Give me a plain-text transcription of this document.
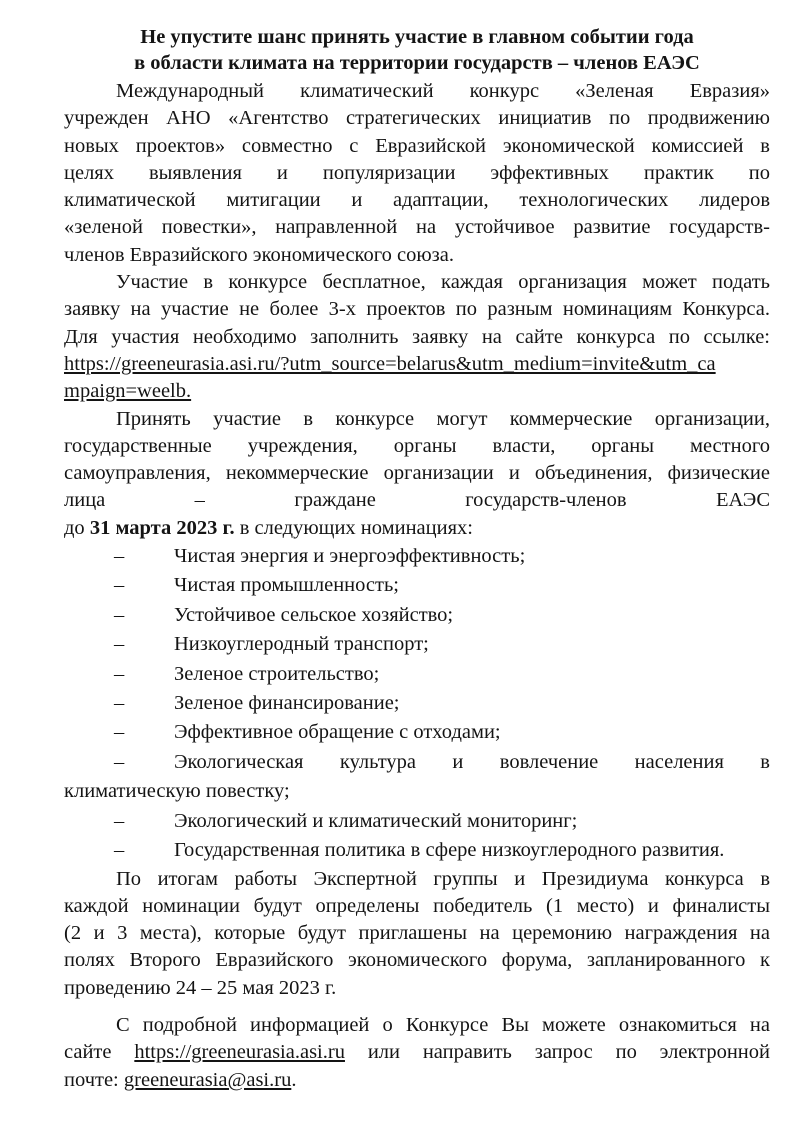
Не упустите шанс принять участие в главном событии года
в области климата на территории государств – членов ЕАЭС
Международный климатический конкурс «Зеленая Евразия»
учрежден АНО «Агентство стратегических инициатив по продвижению
новых проектов» совместно с Евразийской экономической комиссией в
целях выявления и популяризации эффективных практик по
климатической митигации и адаптации, технологических лидеров
«зеленой повестки», направленной на устойчивое развитие государств-
членов Евразийского экономического союза.
Участие в конкурсе бесплатное, каждая организация может подать
заявку на участие не более 3-х проектов по разным номинациям Конкурса.
Для участия необходимо заполнить заявку на сайте конкурса по ссылке:
https://greeneurasia.asi.ru/?utm_source=belarus&utm_medium=invite&utm_ca
mpaign=weelb.
Принять участие в конкурсе могут коммерческие организации,
государственные учреждения, органы власти, органы местного
самоуправления, некоммерческие организации и объединения, физические
лица – граждане государств-членов ЕАЭС
до 31 марта 2023 г. в следующих номинациях:
– Чистая энергия и энергоэффективность;
– Чистая промышленность;
– Устойчивое сельское хозяйство;
– Низкоуглеродный транспорт;
– Зеленое строительство;
– Зеленое финансирование;
– Эффективное обращение с отходами;
– Экологическая культура и вовлечение населения в
климатическую повестку;
– Экологический и климатический мониторинг;
– Государственная политика в сфере низкоуглеродного развития.
По итогам работы Экспертной группы и Президиума конкурса в
каждой номинации будут определены победитель (1 место) и финалисты
(2 и 3 места), которые будут приглашены на церемонию награждения на
полях Второго Евразийского экономического форума, запланированного к
проведению 24 – 25 мая 2023 г.
С подробной информацией о Конкурсе Вы можете ознакомиться на
сайте https://greeneurasia.asi.ru или направить запрос по электронной
почте: greeneurasia@asi.ru.
